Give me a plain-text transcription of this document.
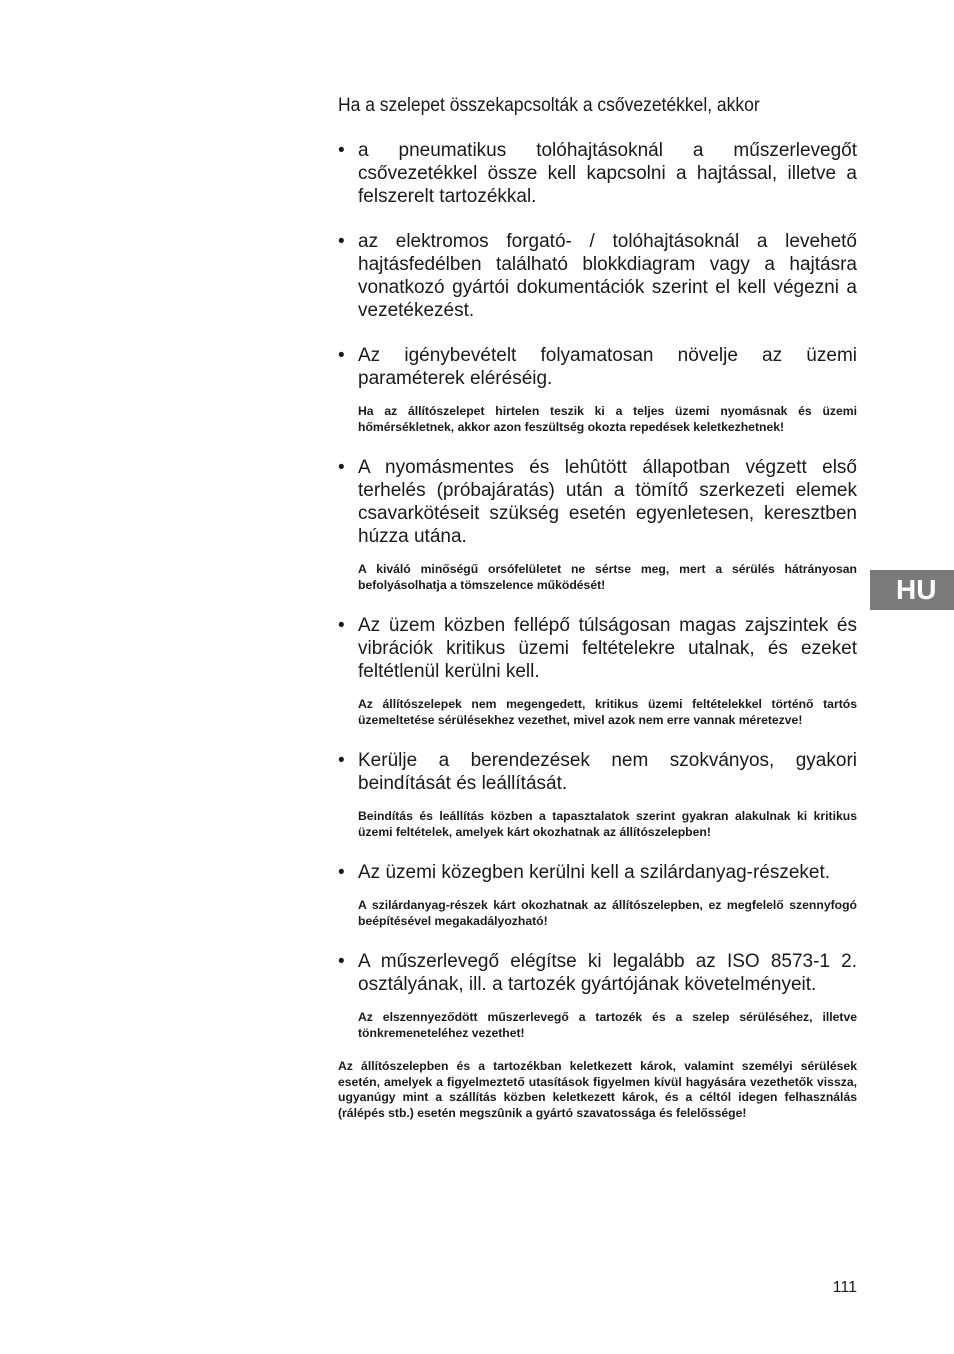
Ha a szelepet összekapcsolták a csővezetékkel, akkor

• a pneumatikus tolóhajtásoknál a műszerlevegőt csővezetékkel össze kell kapcsolni a hajtással, illetve a felszerelt tartozékkal.

• az elektromos forgató- / tolóhajtásoknál a levehető hajtásfedélben található blokkdiagram vagy a hajtásra vonatkozó gyártói dokumentációk szerint el kell végezni a vezetékezést.

• Az igénybevételt folyamatosan növelje az üzemi paraméterek eléréséig.

Ha az állítószelepet hirtelen teszik ki a teljes üzemi nyomásnak és üzemi hőmérsékletnek, akkor azon feszültség okozta repedések keletkezhetnek!

• A nyomásmentes és lehûtött állapotban végzett első terhelés (próbajáratás) után a tömítő szerkezeti elemek csavarkötéseit szükség esetén egyenletesen, keresztben húzza utána.

A kiváló minőségű orsófelületet ne sértse meg, mert a sérülés hátrányosan befolyásolhatja a tömszelence működését!

• Az üzem közben fellépő túlságosan magas zajszintek és vibrációk kritikus üzemi feltételekre utalnak, és ezeket feltétlenül kerülni kell.

Az állítószelepek nem megengedett, kritikus üzemi feltételekkel történő tartós üzemeltetése sérülésekhez vezethet, mivel azok nem erre vannak méretezve!

• Kerülje a berendezések nem szokványos, gyakori beindítását és leállítását.

Beindítás és leállítás közben a tapasztalatok szerint gyakran alakulnak ki kritikus üzemi feltételek, amelyek kárt okozhatnak az állítószelepben!

• Az üzemi közegben kerülni kell a szilárdanyag-részeket.

A szilárdanyag-részek kárt okozhatnak az állítószelepben, ez megfelelő szennyfogó beépítésével megakadályozható!

• A műszerlevegő elégítse ki legalább az ISO 8573-1 2. osztályának, ill. a tartozék gyártójának követelményeit.

Az elszennyeződött műszerlevegő a tartozék és a szelep sérüléséhez, illetve tönkremeneteléhez vezethet!

Az állítószelepben és a tartozékban keletkezett károk, valamint személyi sérülések esetén, amelyek a figyelmeztető utasítások figyelmen kívül hagyására vezethetők vissza, ugyanúgy mint a szállítás közben keletkezett károk, és a céltól idegen felhasználás (rálépés stb.) esetén megszûnik a gyártó szavatossága és felelőssége!

HU
111
